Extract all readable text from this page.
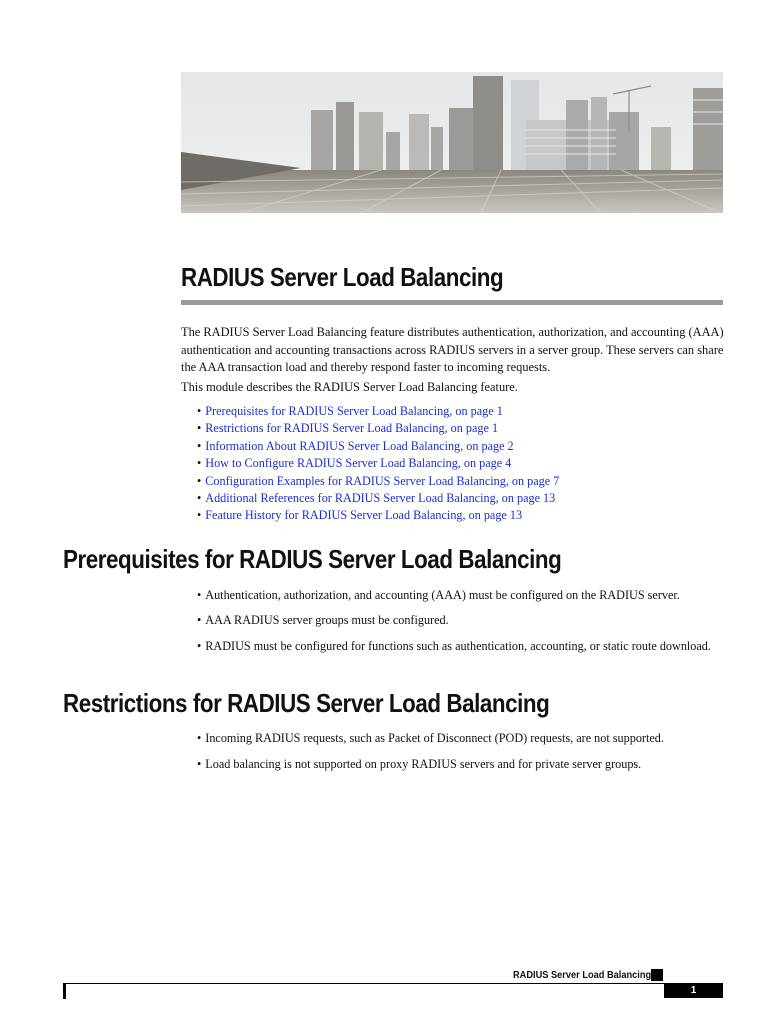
RADIUS Server Load Balancing

The RADIUS Server Load Balancing feature distributes authentication, authorization, and accounting (AAA) authentication and accounting transactions across RADIUS servers in a server group. These servers can share the AAA transaction load and thereby respond faster to incoming requests.

This module describes the RADIUS Server Load Balancing feature.

• Prerequisites for RADIUS Server Load Balancing, on page 1
• Restrictions for RADIUS Server Load Balancing, on page 1
• Information About RADIUS Server Load Balancing, on page 2
• How to Configure RADIUS Server Load Balancing, on page 4
• Configuration Examples for RADIUS Server Load Balancing, on page 7
• Additional References for RADIUS Server Load Balancing, on page 13
• Feature History for RADIUS Server Load Balancing, on page 13
Prerequisites for RADIUS Server Load Balancing
• Authentication, authorization, and accounting (AAA) must be configured on the RADIUS server.
• AAA RADIUS server groups must be configured.
• RADIUS must be configured for functions such as authentication, accounting, or static route download.
Restrictions for RADIUS Server Load Balancing
• Incoming RADIUS requests, such as Packet of Disconnect (POD) requests, are not supported.
• Load balancing is not supported on proxy RADIUS servers and for private server groups.
RADIUS Server Load Balancing
1
